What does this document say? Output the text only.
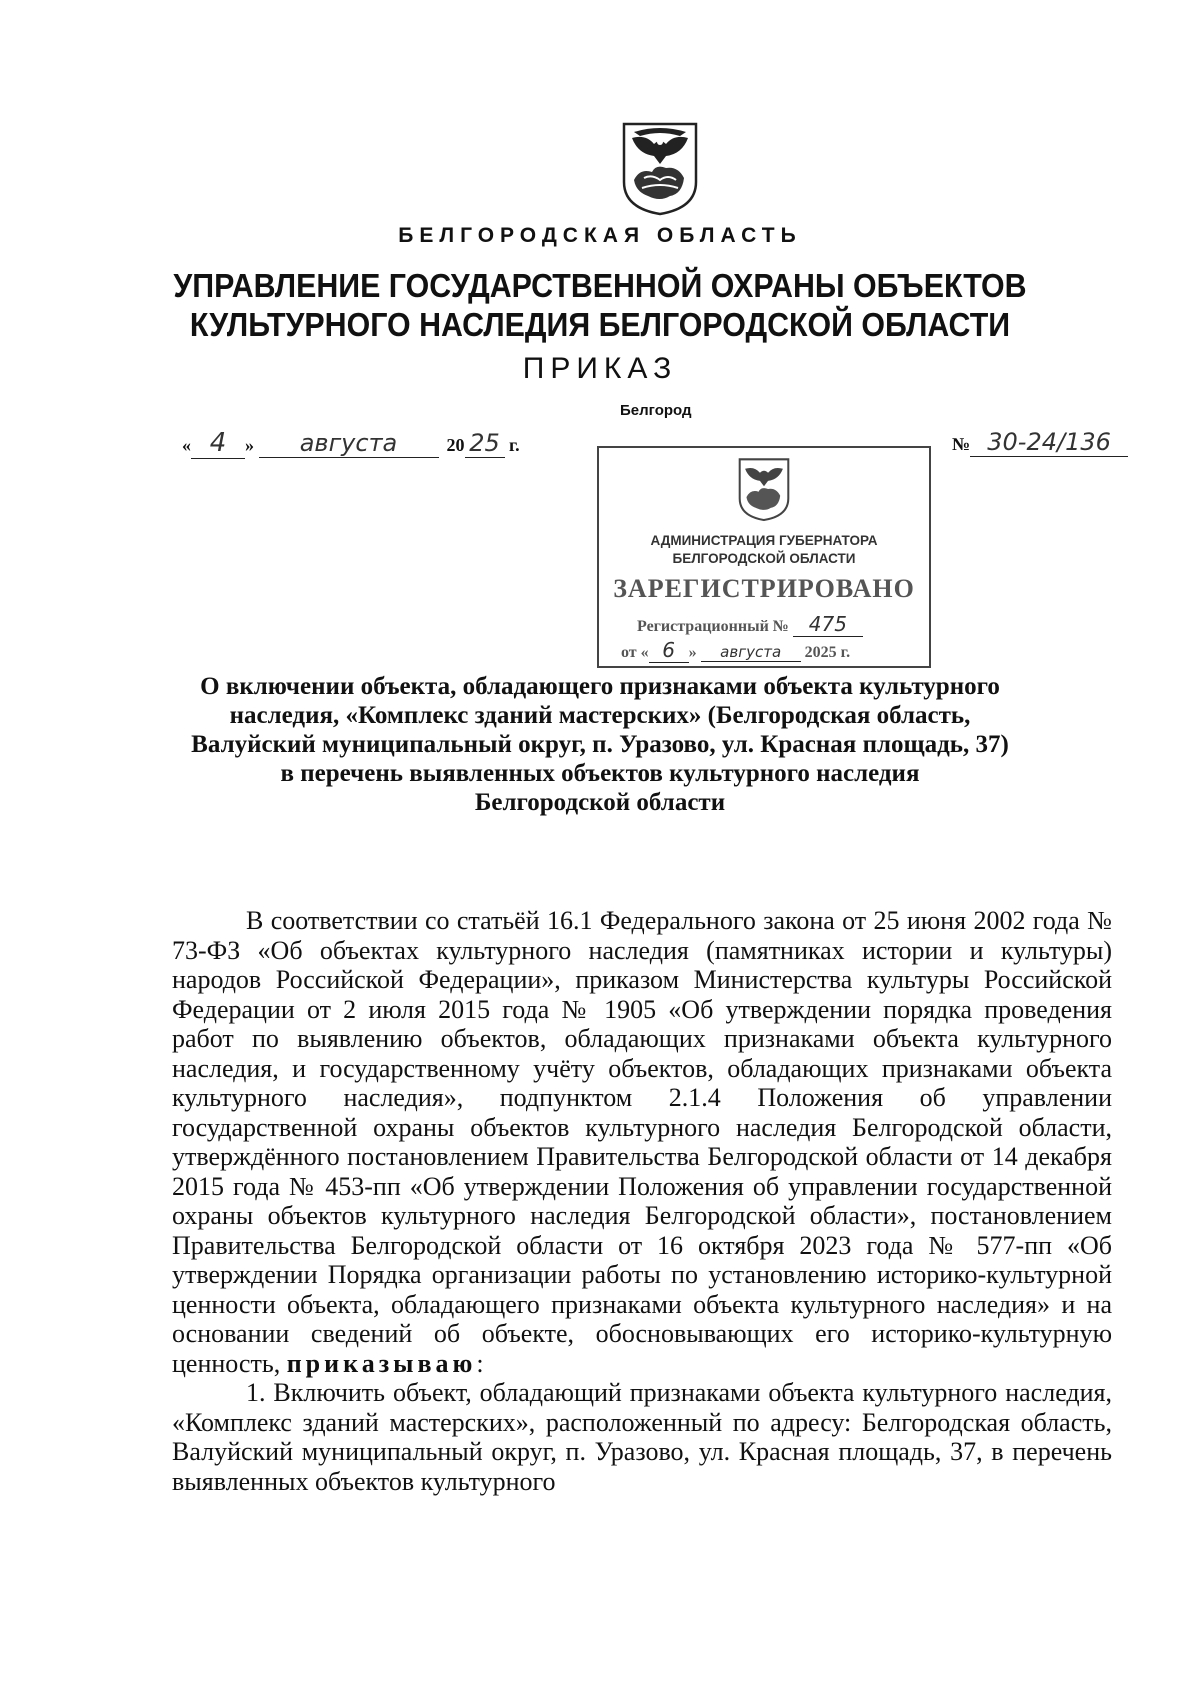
БЕЛГОРОДСКАЯ ОБЛАСТЬ
УПРАВЛЕНИЕ ГОСУДАРСТВЕННОЙ ОХРАНЫ ОБЪЕКТОВ
КУЛЬТУРНОГО НАСЛЕДИЯ БЕЛГОРОДСКОЙ ОБЛАСТИ
ПРИКАЗ
Белгород
« 4 » августа	20 25 г.	№ 30-24/136
АДМИНИСТРАЦИЯ ГУБЕРНАТОРА
БЕЛГОРОДСКОЙ ОБЛАСТИ
ЗАРЕГИСТРИРОВАНО
Регистрационный № 475
от « 6 » августа 2025 г.
О включении объекта, обладающего признаками объекта культурного
наследия, «Комплекс зданий мастерских» (Белгородская область,
Валуйский муниципальный округ, п. Уразово, ул. Красная площадь, 37)
в перечень выявленных объектов культурного наследия
Белгородской области

В соответствии со статьёй 16.1 Федерального закона от 25 июня 2002 года № 73-ФЗ «Об объектах культурного наследия (памятниках истории и культуры) народов Российской Федерации», приказом Министерства культуры Российской Федерации от 2 июля 2015 года № 1905 «Об утверждении порядка проведения работ по выявлению объектов, обладающих признаками объекта культурного наследия, и государственному учёту объектов, обладающих признаками объекта культурного наследия», подпунктом 2.1.4 Положения об управлении государственной охраны объектов культурного наследия Белгородской области, утверждённого постановлением Правительства Белгородской области от 14 декабря 2015 года № 453-пп «Об утверждении Положения об управлении государственной охраны объектов культурного наследия Белгородской области», постановлением Правительства Белгородской области от 16 октября 2023 года № 577-пп «Об утверждении Порядка организации работы по установлению историко-культурной ценности объекта, обладающего признаками объекта культурного наследия» и на основании сведений об объекте, обосновывающих его историко-культурную ценность, приказываю:

1. Включить объект, обладающий признаками объекта культурного наследия, «Комплекс зданий мастерских», расположенный по адресу: Белгородская область, Валуйский муниципальный округ, п. Уразово, ул. Красная площадь, 37, в перечень выявленных объектов культурного
